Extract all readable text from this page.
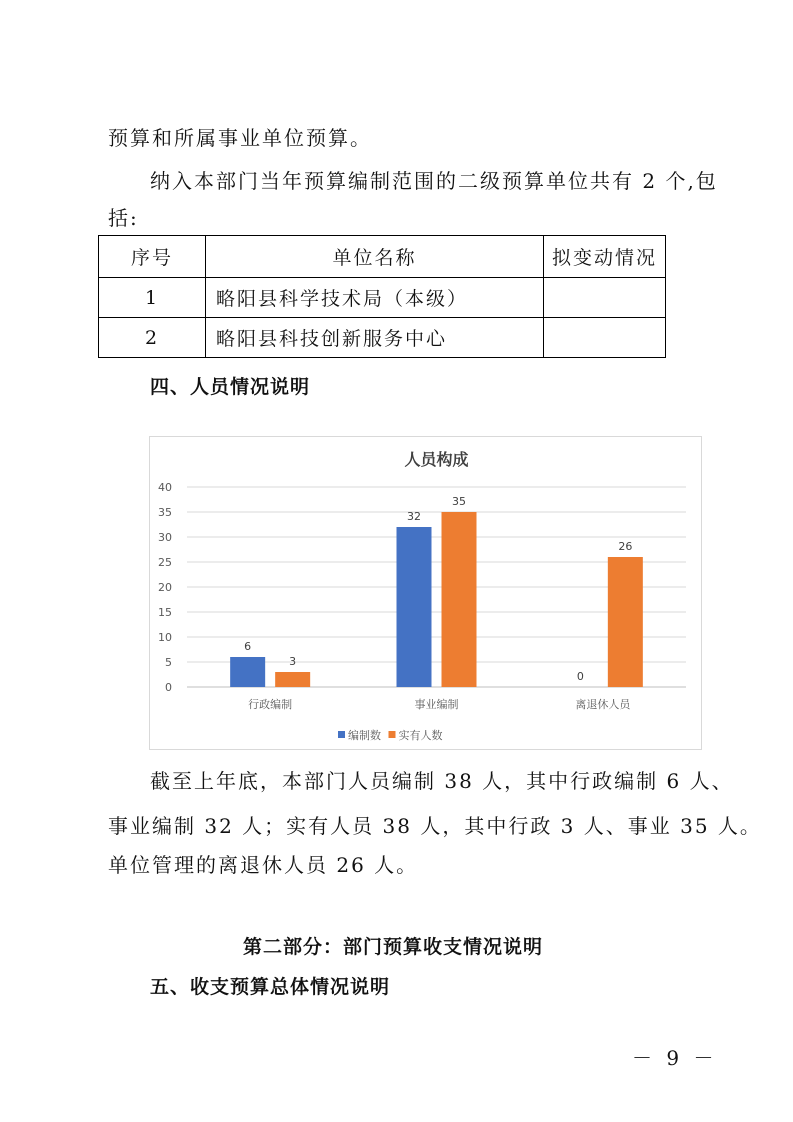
预算和所属事业单位预算。
纳入本部门当年预算编制范围的二级预算单位共有 2 个,包
括:
序号	单位名称	拟变动情况
1	略阳县科学技术局（本级）	
2	略阳县科技创新服务中心	
四、人员情况说明
人员构成
0
5
10
15
20
25
30
35
40
6
3
行政编制
32
35
事业编制
0
26
离退休人员
编制数 实有人数
截至上年底，本部门人员编制 38 人，其中行政编制 6 人、
事业编制 32 人；实有人员 38 人，其中行政 3 人、事业 35 人。
单位管理的离退休人员 26 人。
第二部分：部门预算收支情况说明
五、收支预算总体情况说明
－ 9 －
